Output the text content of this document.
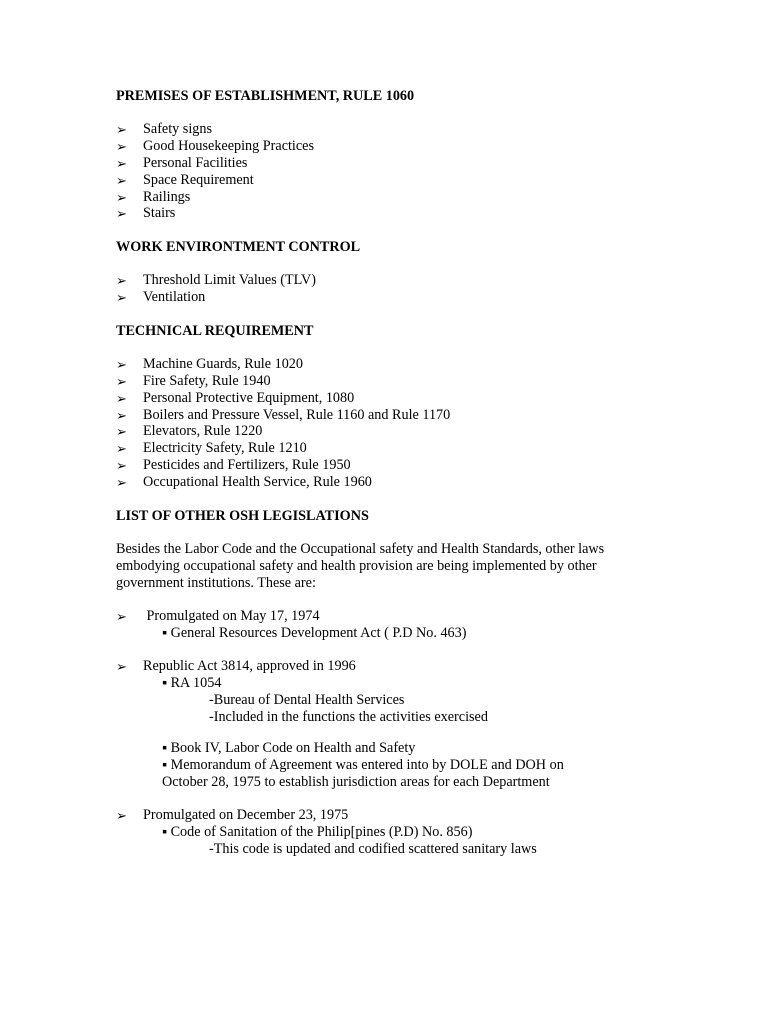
PREMISES OF ESTABLISHMENT, RULE 1060
➢ Safety signs
➢ Good Housekeeping Practices
➢ Personal Facilities
➢ Space Requirement
➢ Railings
➢ Stairs
WORK ENVIRONTMENT CONTROL
➢ Threshold Limit Values (TLV)
➢ Ventilation
TECHNICAL REQUIREMENT
➢ Machine Guards, Rule 1020
➢ Fire Safety, Rule 1940
➢ Personal Protective Equipment, 1080
➢ Boilers and Pressure Vessel, Rule 1160 and Rule 1170
➢ Elevators, Rule 1220
➢ Electricity Safety, Rule 1210
➢ Pesticides and Fertilizers, Rule 1950
➢ Occupational Health Service, Rule 1960
LIST OF OTHER OSH LEGISLATIONS
Besides the Labor Code and the Occupational safety and Health Standards, other laws
embodying occupational safety and health provision are being implemented by other
government institutions. These are:
➢ Promulgated on May 17, 1974
▪ General Resources Development Act ( P.D No. 463)
➢ Republic Act 3814, approved in 1996
▪ RA 1054
-Bureau of Dental Health Services
-Included in the functions the activities exercised
▪ Book IV, Labor Code on Health and Safety
▪ Memorandum of Agreement was entered into by DOLE and DOH on
October 28, 1975 to establish jurisdiction areas for each Department
➢ Promulgated on December 23, 1975
▪ Code of Sanitation of the Philip[pines (P.D) No. 856)
-This code is updated and codified scattered sanitary laws
